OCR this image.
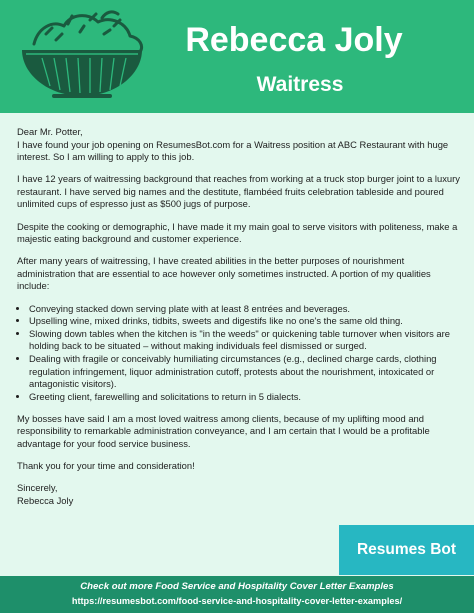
Rebecca Joly
Waitress

Dear Mr. Potter,
I have found your job opening on ResumesBot.com for a Waitress position at ABC Restaurant with huge interest. So I am willing to apply to this job.

I have 12 years of waitressing background that reaches from working at a truck stop burger joint to a luxury restaurant. I have served big names and the destitute, flambéed fruits celebration tableside and poured unlimited cups of espresso just as $500 jugs of purpose.

Despite the cooking or demographic, I have made it my main goal to serve visitors with politeness, make a majestic eating background and customer experience.

After many years of waitressing, I have created abilities in the better purposes of nourishment administration that are essential to ace however only sometimes instructed. A portion of my qualities include:

• Conveying stacked down serving plate with at least 8 entrées and beverages.
• Upselling wine, mixed drinks, tidbits, sweets and digestifs like no one's the same old thing.
• Slowing down tables when the kitchen is "in the weeds" or quickening table turnover when visitors are holding back to be situated – without making individuals feel dismissed or surged.
• Dealing with fragile or conceivably humiliating circumstances (e.g., declined charge cards, clothing regulation infringement, liquor administration cutoff, protests about the nourishment, intoxicated or antagonistic visitors).
• Greeting client, farewelling and solicitations to return in 5 dialects.

My bosses have said I am a most loved waitress among clients, because of my uplifting mood and responsibility to remarkable administration conveyance, and I am certain that I would be a profitable advantage for your food service business.

Thank you for your time and consideration!

Sincerely,
Rebecca Joly

Resumes Bot
Check out more Food Service and Hospitality Cover Letter Examples
https://resumesbot.com/food-service-and-hospitality-cover-letter-examples/
